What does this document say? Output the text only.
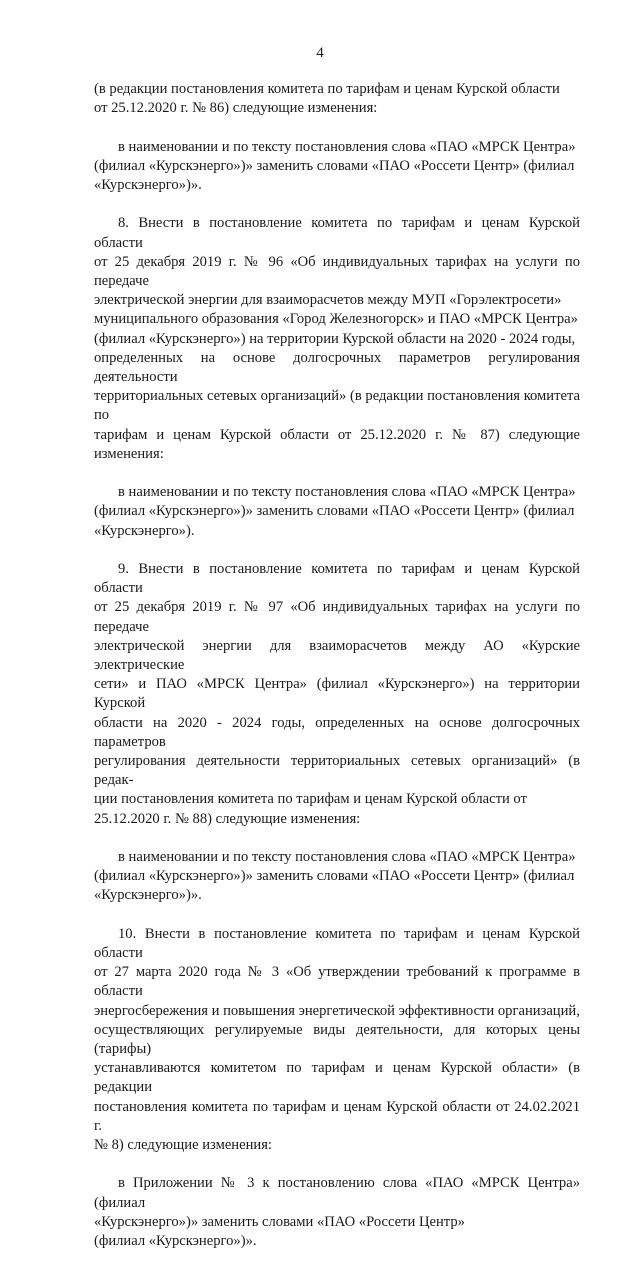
4

(в редакции постановления комитета по тарифам и ценам Курской области
от 25.12.2020 г. № 86) следующие изменения:

в наименовании и по тексту постановления слова «ПАО «МРСК Центра»
(филиал «Курскэнерго»)» заменить словами «ПАО «Россети Центр» (филиал
«Курскэнерго»)».

8. Внести в постановление комитета по тарифам и ценам Курской области
от 25 декабря 2019 г. № 96 «Об индивидуальных тарифах на услуги по передаче
электрической энергии для взаиморасчетов между МУП «Горэлектросети»
муниципального образования «Город Железногорск» и ПАО «МРСК Центра»
(филиал «Курскэнерго») на территории Курской области на 2020 - 2024 годы,
определенных на основе долгосрочных параметров регулирования деятельности
территориальных сетевых организаций» (в редакции постановления комитета по
тарифам и ценам Курской области от 25.12.2020 г. № 87) следующие изменения:

в наименовании и по тексту постановления слова «ПАО «МРСК Центра»
(филиал «Курскэнерго»)» заменить словами «ПАО «Россети Центр» (филиал
«Курскэнерго»).

9. Внести в постановление комитета по тарифам и ценам Курской области
от 25 декабря 2019 г. № 97 «Об индивидуальных тарифах на услуги по передаче
электрической энергии для взаиморасчетов между АО «Курские электрические
сети» и ПАО «МРСК Центра» (филиал «Курскэнерго») на территории Курской
области на 2020 - 2024 годы, определенных на основе долгосрочных параметров
регулирования деятельности территориальных сетевых организаций» (в редак-
ции постановления комитета по тарифам и ценам Курской области от
25.12.2020 г. № 88) следующие изменения:

в наименовании и по тексту постановления слова «ПАО «МРСК Центра»
(филиал «Курскэнерго»)» заменить словами «ПАО «Россети Центр» (филиал
«Курскэнерго»)».

10. Внести в постановление комитета по тарифам и ценам Курской области
от 27 марта 2020 года № 3 «Об утверждении требований к программе в области
энергосбережения и повышения энергетической эффективности организаций,
осуществляющих регулируемые виды деятельности, для которых цены (тарифы)
устанавливаются комитетом по тарифам и ценам Курской области» (в редакции
постановления комитета по тарифам и ценам Курской области от 24.02.2021 г.
№ 8) следующие изменения:

в Приложении № 3 к постановлению слова «ПАО «МРСК Центра» (филиал
«Курскэнерго»)» заменить словами «ПАО «Россети Центр»
(филиал «Курскэнерго»)».
